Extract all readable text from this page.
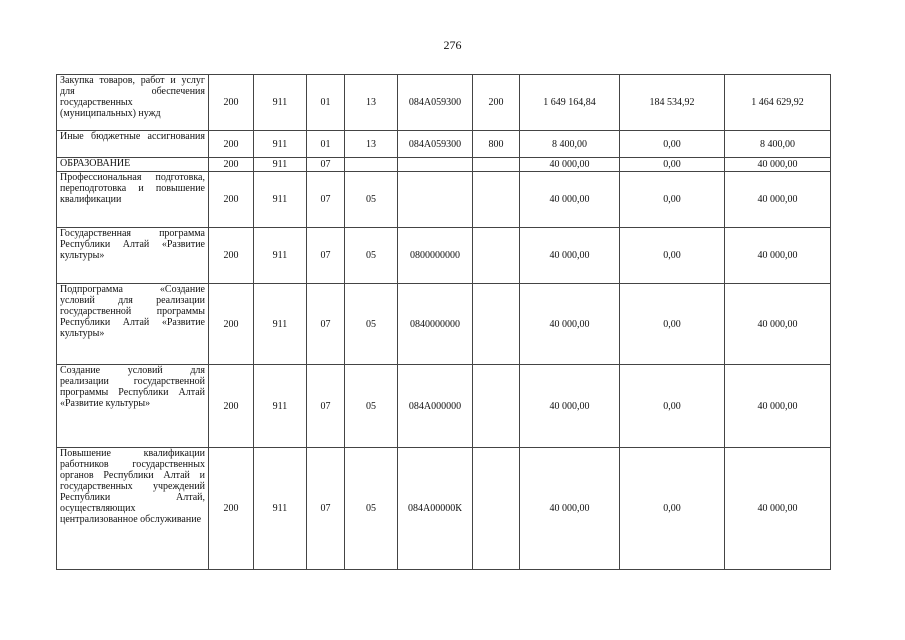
276
Закупка товаров, работ и услуг для обеспечения государственных (муниципальных) нужд	200	911	01	13	084А059300	200	1 649 164,84	184 534,92	1 464 629,92
Иные бюджетные ассигнования	200	911	01	13	084А059300	800	8 400,00	0,00	8 400,00
ОБРАЗОВАНИЕ	200	911	07				40 000,00	0,00	40 000,00
Профессиональная подготовка, переподготовка и повышение квалификации	200	911	07	05			40 000,00	0,00	40 000,00
Государственная программа Республики Алтай «Развитие культуры»	200	911	07	05	0800000000		40 000,00	0,00	40 000,00
Подпрограмма «Создание условий для реализации государственной программы Республики Алтай «Развитие культуры»	200	911	07	05	0840000000		40 000,00	0,00	40 000,00
Создание условий для реализации государственной программы Республики Алтай «Развитие культуры»	200	911	07	05	084А000000		40 000,00	0,00	40 000,00
Повышение квалификации работников государственных органов Республики Алтай и государственных учреждений Республики Алтай, осуществляющих централизованное обслуживание	200	911	07	05	084А00000К		40 000,00	0,00	40 000,00
